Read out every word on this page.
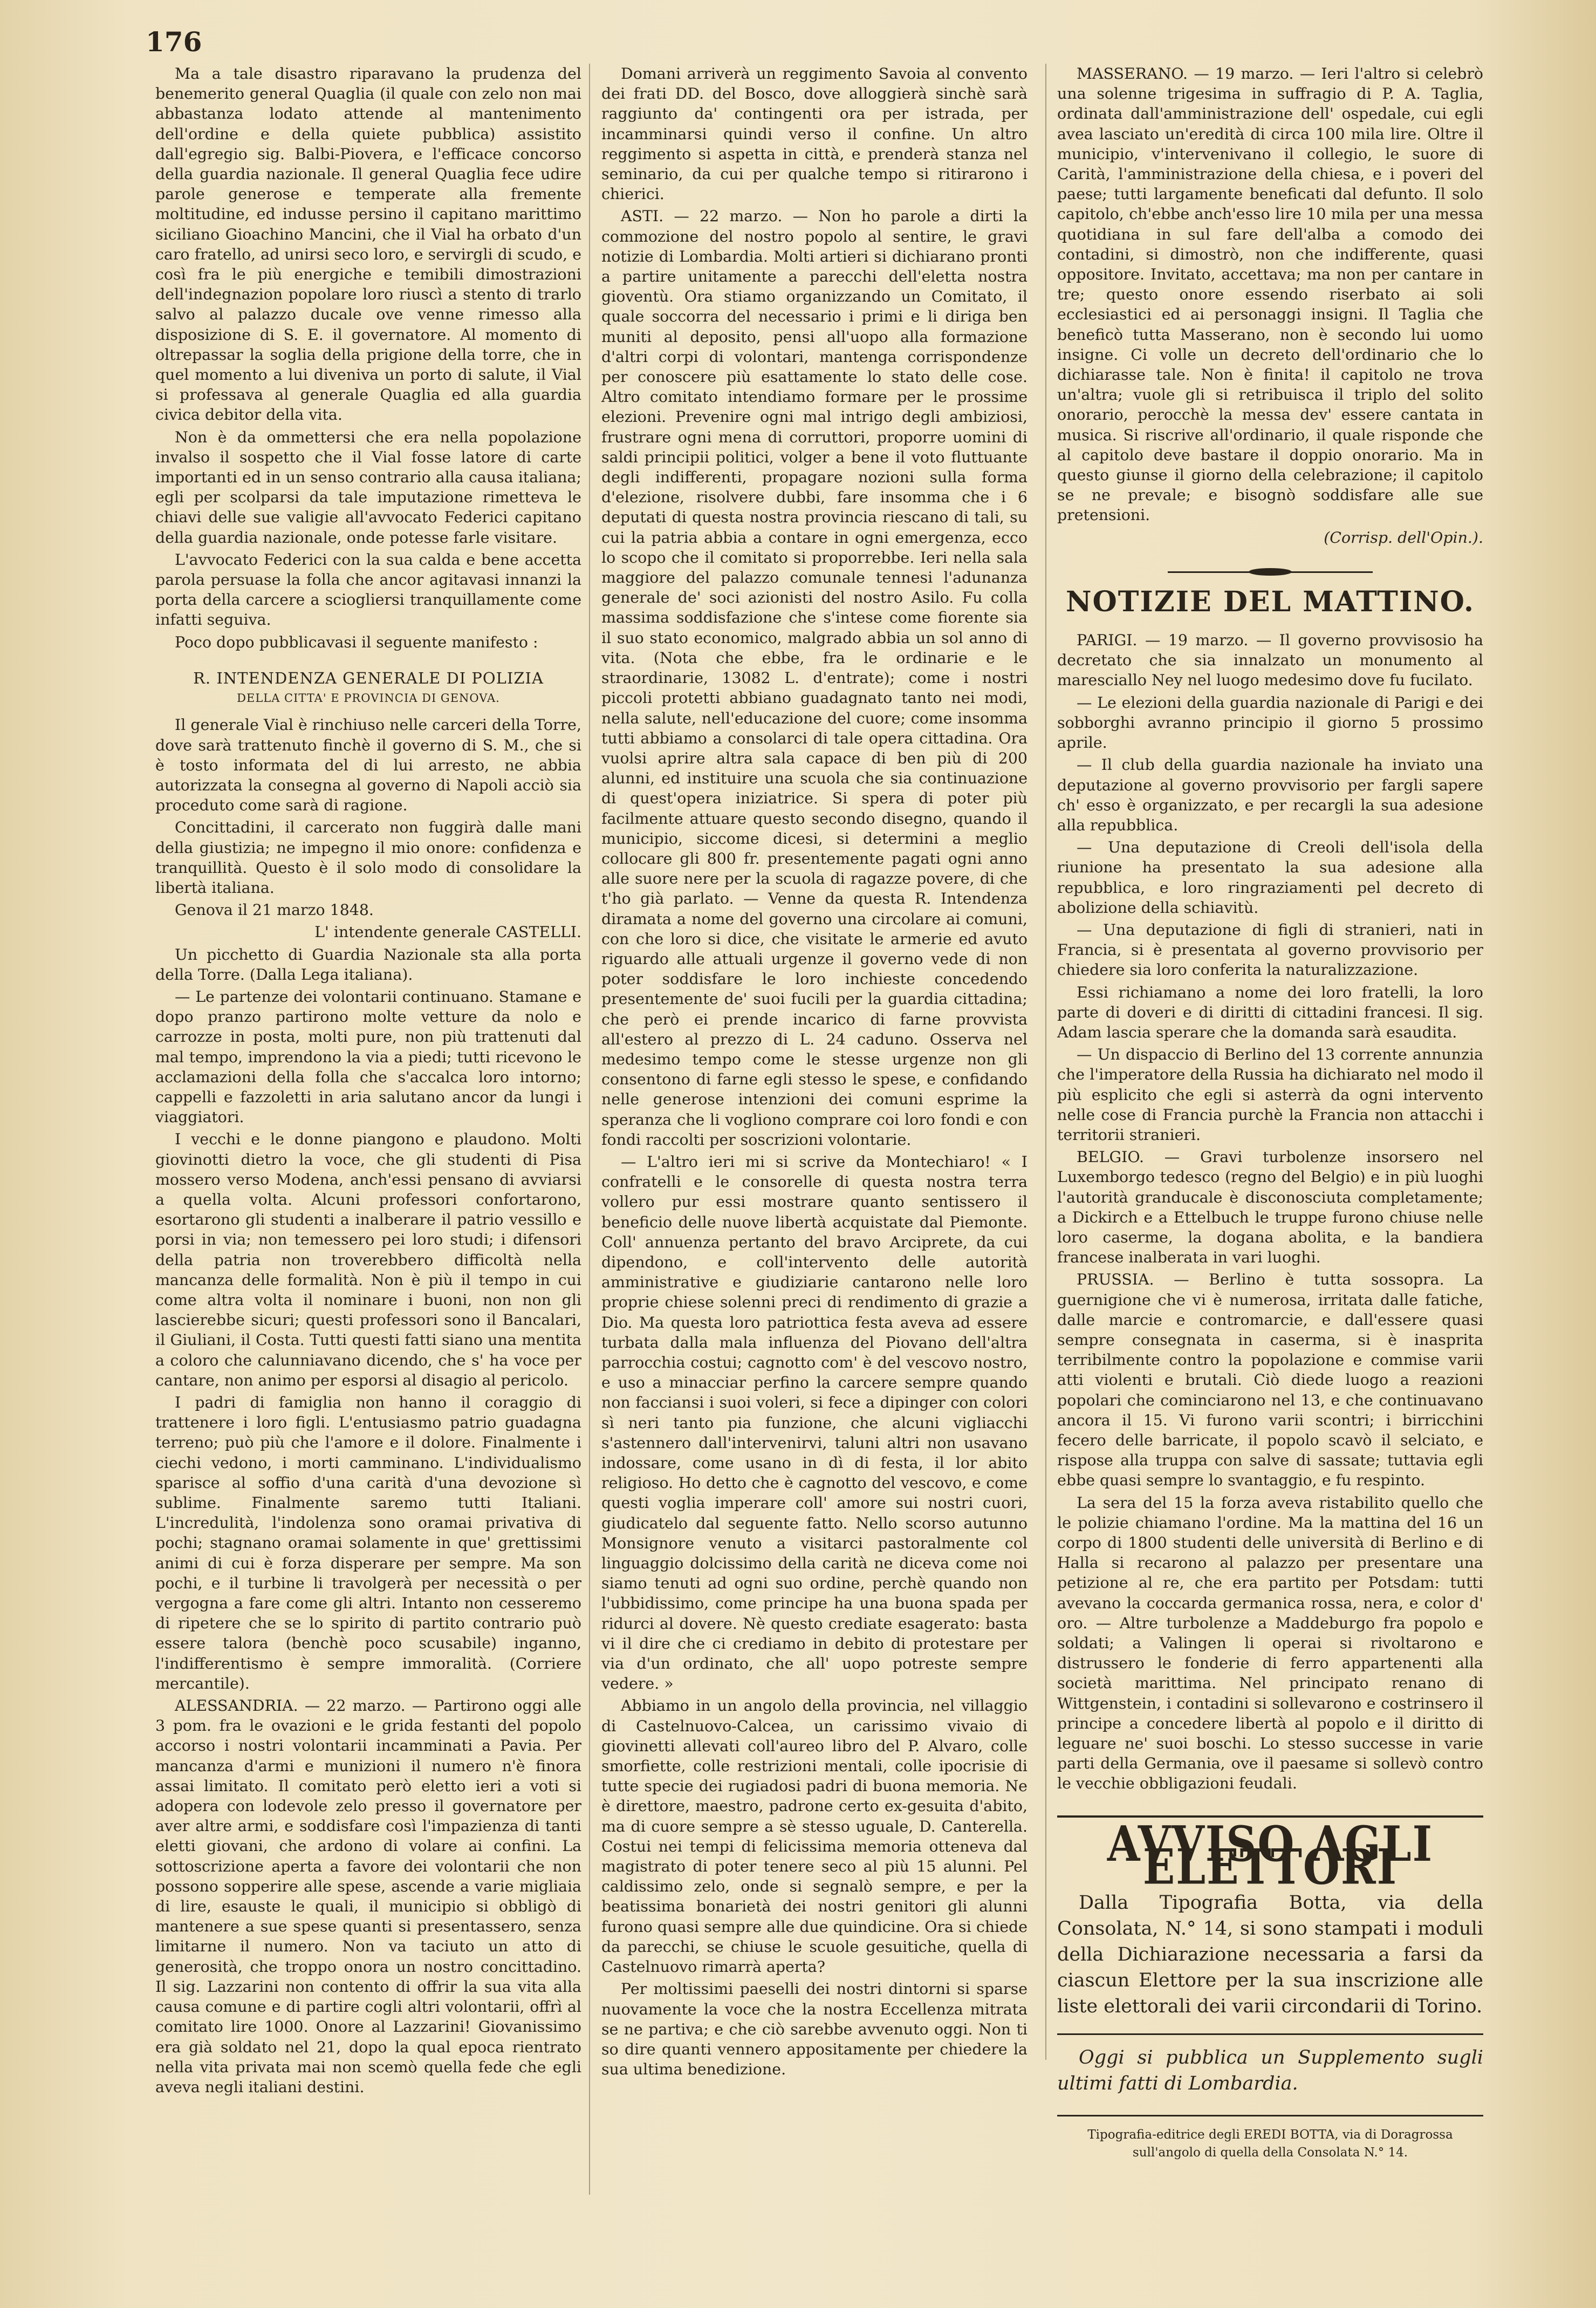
176

Ma a tale disastro riparavano la prudenza del benemerito general Quaglia (il quale con zelo non mai abbastanza lodato attende al mantenimento dell'ordine e della quiete pubblica) assistito dall'egregio sig. Balbi-Piovera, e l'efficace concorso della guardia nazionale. Il general Quaglia fece udire parole generose e temperate alla fremente moltitudine, ed indusse persino il capitano marittimo siciliano Gioachino Mancini, che il Vial ha orbato d'un caro fratello, ad unirsi seco loro, e servirgli di scudo, e così fra le più energiche e temibili dimostrazioni dell'indegnazion popolare loro riuscì a stento di trarlo salvo al palazzo ducale ove venne rimesso alla disposizione di S. E. il governatore. Al momento di oltrepassar la soglia della prigione della torre, che in quel momento a lui diveniva un porto di salute, il Vial si professava al generale Quaglia ed alla guardia civica debitor della vita.

Non è da ommettersi che era nella popolazione invalso il sospetto che il Vial fosse latore di carte importanti ed in un senso contrario alla causa italiana; egli per scolparsi da tale imputazione rimetteva le chiavi delle sue valigie all'avvocato Federici capitano della guardia nazionale, onde potesse farle visitare.

L'avvocato Federici con la sua calda e bene accetta parola persuase la folla che ancor agitavasi innanzi la porta della carcere a sciogliersi tranquillamente come infatti seguiva.

Poco dopo pubblicavasi il seguente manifesto :

R. INTENDENZA GENERALE DI POLIZIA
DELLA CITTA' E PROVINCIA DI GENOVA.

Il generale Vial è rinchiuso nelle carceri della Torre, dove sarà trattenuto finchè il governo di S. M., che si è tosto informata del di lui arresto, ne abbia autorizzata la consegna al governo di Napoli acciò sia proceduto come sarà di ragione.

Concittadini, il carcerato non fuggirà dalle mani della giustizia; ne impegno il mio onore: confidenza e tranquillità. Questo è il solo modo di consolidare la libertà italiana.

Genova il 21 marzo 1848.

L' intendente generale CASTELLI.

Un picchetto di Guardia Nazionale sta alla porta della Torre. (Dalla Lega italiana).

— Le partenze dei volontarii continuano. Stamane e dopo pranzo partirono molte vetture da nolo e carrozze in posta, molti pure, non più trattenuti dal mal tempo, imprendono la via a piedi; tutti ricevono le acclamazioni della folla che s'accalca loro intorno; cappelli e fazzoletti in aria salutano ancor da lungi i viaggiatori.

I vecchi e le donne piangono e plaudono. Molti giovinotti dietro la voce, che gli studenti di Pisa mossero verso Modena, anch'essi pensano di avviarsi a quella volta. Alcuni professori confortarono, esortarono gli studenti a inalberare il patrio vessillo e porsi in via; non temessero pei loro studi; i difensori della patria non troverebbero difficoltà nella mancanza delle formalità. Non è più il tempo in cui come altra volta il nominare i buoni, non non gli lascierebbe sicuri; questi professori sono il Bancalari, il Giuliani, il Costa. Tutti questi fatti siano una mentita a coloro che calunniavano dicendo, che s' ha voce per cantare, non animo per esporsi al disagio al pericolo.

I padri di famiglia non hanno il coraggio di trattenere i loro figli. L'entusiasmo patrio guadagna terreno; può più che l'amore e il dolore. Finalmente i ciechi vedono, i morti camminano. L'individualismo sparisce al soffio d'una carità d'una devozione sì sublime. Finalmente saremo tutti Italiani. L'incredulità, l'indolenza sono oramai privativa di pochi; stagnano oramai solamente in que' grettissimi animi di cui è forza disperare per sempre. Ma son pochi, e il turbine li travolgerà per necessità o per vergogna a fare come gli altri. Intanto non cesseremo di ripetere che se lo spirito di partito contrario può essere talora (benchè poco scusabile) inganno, l'indifferentismo è sempre immoralità. (Corriere mercantile).

ALESSANDRIA. — 22 marzo. — Partirono oggi alle 3 pom. fra le ovazioni e le grida festanti del popolo accorso i nostri volontarii incamminati a Pavia. Per mancanza d'armi e munizioni il numero n'è finora assai limitato. Il comitato però eletto ieri a voti si adopera con lodevole zelo presso il governatore per aver altre armi, e soddisfare così l'impazienza di tanti eletti giovani, che ardono di volare ai confini. La sottoscrizione aperta a favore dei volontarii che non possono sopperire alle spese, ascende a varie migliaia di lire, esauste le quali, il municipio si obbligò di mantenere a sue spese quanti si presentassero, senza limitarne il numero. Non va taciuto un atto di generosità, che troppo onora un nostro concittadino. Il sig. Lazzarini non contento di offrir la sua vita alla causa comune e di partire cogli altri volontarii, offrì al comitato lire 1000. Onore al Lazzarini! Giovanissimo era già soldato nel 21, dopo la qual epoca rientrato nella vita privata mai non scemò quella fede che egli aveva negli italiani destini.

Domani arriverà un reggimento Savoia al convento dei frati DD. del Bosco, dove alloggierà sinchè sarà raggiunto da' contingenti ora per istrada, per incamminarsi quindi verso il confine. Un altro reggimento si aspetta in città, e prenderà stanza nel seminario, da cui per qualche tempo si ritirarono i chierici.

ASTI. — 22 marzo. — Non ho parole a dirti la commozione del nostro popolo al sentire, le gravi notizie di Lombardia. Molti artieri si dichiarano pronti a partire unitamente a parecchi dell'eletta nostra gioventù. Ora stiamo organizzando un Comitato, il quale soccorra del necessario i primi e li diriga ben muniti al deposito, pensi all'uopo alla formazione d'altri corpi di volontari, mantenga corrispondenze per conoscere più esattamente lo stato delle cose. Altro comitato intendiamo formare per le prossime elezioni. Prevenire ogni mal intrigo degli ambiziosi, frustrare ogni mena di corruttori, proporre uomini di saldi principii politici, volger a bene il voto fluttuante degli indifferenti, propagare nozioni sulla forma d'elezione, risolvere dubbi, fare insomma che i 6 deputati di questa nostra provincia riescano di tali, su cui la patria abbia a contare in ogni emergenza, ecco lo scopo che il comitato si proporrebbe. Ieri nella sala maggiore del palazzo comunale tennesi l'adunanza generale de' soci azionisti del nostro Asilo. Fu colla massima soddisfazione che s'intese come fiorente sia il suo stato economico, malgrado abbia un sol anno di vita. (Nota che ebbe, fra le ordinarie e le straordinarie, 13082 L. d'entrate); come i nostri piccoli protetti abbiano guadagnato tanto nei modi, nella salute, nell'educazione del cuore; come insomma tutti abbiamo a consolarci di tale opera cittadina. Ora vuolsi aprire altra sala capace di ben più di 200 alunni, ed instituire una scuola che sia continuazione di quest'opera iniziatrice. Si spera di poter più facilmente attuare questo secondo disegno, quando il municipio, siccome dicesi, si determini a meglio collocare gli 800 fr. presentemente pagati ogni anno alle suore nere per la scuola di ragazze povere, di che t'ho già parlato. — Venne da questa R. Intendenza diramata a nome del governo una circolare ai comuni, con che loro si dice, che visitate le armerie ed avuto riguardo alle attuali urgenze il governo vede di non poter soddisfare le loro inchieste concedendo presentemente de' suoi fucili per la guardia cittadina; che però ei prende incarico di farne provvista all'estero al prezzo di L. 24 caduno. Osserva nel medesimo tempo come le stesse urgenze non gli consentono di farne egli stesso le spese, e confidando nelle generose intenzioni dei comuni esprime la speranza che li vogliono comprare coi loro fondi e con fondi raccolti per soscrizioni volontarie.

— L'altro ieri mi si scrive da Montechiaro! « I confratelli e le consorelle di questa nostra terra vollero pur essi mostrare quanto sentissero il beneficio delle nuove libertà acquistate dal Piemonte. Coll' annuenza pertanto del bravo Arciprete, da cui dipendono, e coll'intervento delle autorità amministrative e giudiziarie cantarono nelle loro proprie chiese solenni preci di rendimento di grazie a Dio. Ma questa loro patriottica festa aveva ad essere turbata dalla mala influenza del Piovano dell'altra parrocchia costui; cagnotto com' è del vescovo nostro, e uso a minacciar perfino la carcere sempre quando non facciansi i suoi voleri, si fece a dipinger con colori sì neri tanto pia funzione, che alcuni vigliacchi s'astennero dall'intervenirvi, taluni altri non usavano indossare, come usano in dì di festa, il lor abito religioso. Ho detto che è cagnotto del vescovo, e come questi voglia imperare coll' amore sui nostri cuori, giudicatelo dal seguente fatto. Nello scorso autunno Monsignore venuto a visitarci pastoralmente col linguaggio dolcissimo della carità ne diceva come noi siamo tenuti ad ogni suo ordine, perchè quando non l'ubbidissimo, come principe ha una buona spada per ridurci al dovere. Nè questo crediate esagerato: basta vi il dire che ci crediamo in debito di protestare per via d'un ordinato, che all' uopo potreste sempre vedere. »

Abbiamo in un angolo della provincia, nel villaggio di Castelnuovo-Calcea, un carissimo vivaio di giovinetti allevati coll'aureo libro del P. Alvaro, colle smorfiette, colle restrizioni mentali, colle ipocrisie di tutte specie dei rugiadosi padri di buona memoria. Ne è direttore, maestro, padrone certo ex-gesuita d'abito, ma di cuore sempre a sè stesso uguale, D. Canterella. Costui nei tempi di felicissima memoria otteneva dal magistrato di poter tenere seco al più 15 alunni. Pel caldissimo zelo, onde si segnalò sempre, e per la beatissima bonarietà dei nostri genitori gli alunni furono quasi sempre alle due quindicine. Ora si chiede da parecchi, se chiuse le scuole gesuitiche, quella di Castelnuovo rimarrà aperta?

Per moltissimi paeselli dei nostri dintorni si sparse nuovamente la voce che la nostra Eccellenza mitrata se ne partiva; e che ciò sarebbe avvenuto oggi. Non ti so dire quanti vennero appositamente per chiedere la sua ultima benedizione.

MASSERANO. — 19 marzo. — Ieri l'altro si celebrò una solenne trigesima in suffragio di P. A. Taglia, ordinata dall'amministrazione dell' ospedale, cui egli avea lasciato un'eredità di circa 100 mila lire. Oltre il municipio, v'intervenivano il collegio, le suore di Carità, l'amministrazione della chiesa, e i poveri del paese; tutti largamente beneficati dal defunto. Il solo capitolo, ch'ebbe anch'esso lire 10 mila per una messa quotidiana in sul fare dell'alba a comodo dei contadini, si dimostrò, non che indifferente, quasi oppositore. Invitato, accettava; ma non per cantare in tre; questo onore essendo riserbato ai soli ecclesiastici ed ai personaggi insigni. Il Taglia che beneficò tutta Masserano, non è secondo lui uomo insigne. Ci volle un decreto dell'ordinario che lo dichiarasse tale. Non è finita! il capitolo ne trova un'altra; vuole gli si retribuisca il triplo del solito onorario, perocchè la messa dev' essere cantata in musica. Si riscrive all'ordinario, il quale risponde che al capitolo deve bastare il doppio onorario. Ma in questo giunse il giorno della celebrazione; il capitolo se ne prevale; e bisognò soddisfare alle sue pretensioni.

(Corrisp. dell'Opin.).

NOTIZIE DEL MATTINO.

PARIGI. — 19 marzo. — Il governo provvisosio ha decretato che sia innalzato un monumento al maresciallo Ney nel luogo medesimo dove fu fucilato.

— Le elezioni della guardia nazionale di Parigi e dei sobborghi avranno principio il giorno 5 prossimo aprile.

— Il club della guardia nazionale ha inviato una deputazione al governo provvisorio per fargli sapere ch' esso è organizzato, e per recargli la sua adesione alla repubblica.

— Una deputazione di Creoli dell'isola della riunione ha presentato la sua adesione alla repubblica, e loro ringraziamenti pel decreto di abolizione della schiavitù.

— Una deputazione di figli di stranieri, nati in Francia, si è presentata al governo provvisorio per chiedere sia loro conferita la naturalizzazione.

Essi richiamano a nome dei loro fratelli, la loro parte di doveri e di diritti di cittadini francesi. Il sig. Adam lascia sperare che la domanda sarà esaudita.

— Un dispaccio di Berlino del 13 corrente annunzia che l'imperatore della Russia ha dichiarato nel modo il più esplicito che egli si asterrà da ogni intervento nelle cose di Francia purchè la Francia non attacchi i territorii stranieri.

BELGIO. — Gravi turbolenze insorsero nel Luxemborgo tedesco (regno del Belgio) e in più luoghi l'autorità granducale è disconosciuta completamente; a Dickirch e a Ettelbuch le truppe furono chiuse nelle loro caserme, la dogana abolita, e la bandiera francese inalberata in vari luoghi.

PRUSSIA. — Berlino è tutta sossopra. La guernigione che vi è numerosa, irritata dalle fatiche, dalle marcie e contromarcie, e dall'essere quasi sempre consegnata in caserma, si è inasprita terribilmente contro la popolazione e commise varii atti violenti e brutali. Ciò diede luogo a reazioni popolari che cominciarono nel 13, e che continuavano ancora il 15. Vi furono varii scontri; i birricchini fecero delle barricate, il popolo scavò il selciato, e rispose alla truppa con salve di sassate; tuttavia egli ebbe quasi sempre lo svantaggio, e fu respinto.

La sera del 15 la forza aveva ristabilito quello che le polizie chiamano l'ordine. Ma la mattina del 16 un corpo di 1800 studenti delle università di Berlino e di Halla si recarono al palazzo per presentare una petizione al re, che era partito per Potsdam: tutti avevano la coccarda germanica rossa, nera, e color d' oro. — Altre turbolenze a Maddeburgo fra popolo e soldati; a Valingen li operai si rivoltarono e distrussero le fonderie di ferro appartenenti alla società marittima. Nel principato renano di Wittgenstein, i contadini si sollevarono e costrinsero il principe a concedere libertà al popolo e il diritto di leguare ne' suoi boschi. Lo stesso successe in varie parti della Germania, ove il paesame si sollevò contro le vecchie obbligazioni feudali.

AVVISO AGLI ELETTORI

Dalla Tipografia Botta, via della Consolata, N.° 14, si sono stampati i moduli della Dichiarazione necessaria a farsi da ciascun Elettore per la sua inscrizione alle liste elettorali dei varii circondarii di Torino.

Oggi si pubblica un Supplemento sugli ultimi fatti di Lombardia.

Tipografia-editrice degli EREDI BOTTA, via di Doragrossa sull'angolo di quella della Consolata N.° 14.
